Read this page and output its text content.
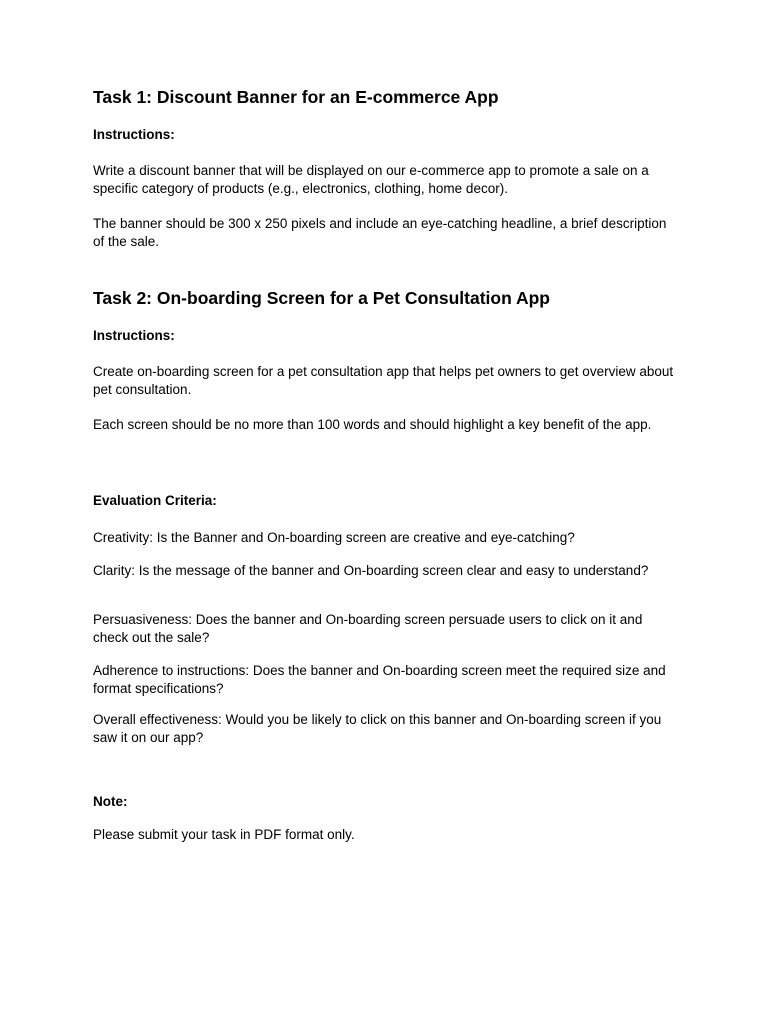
Task 1: Discount Banner for an E-commerce App
Instructions:

Write a discount banner that will be displayed on our e-commerce app to promote a sale on a specific category of products (e.g., electronics, clothing, home decor).

The banner should be 300 x 250 pixels and include an eye-catching headline, a brief description of the sale.

Task 2: On-boarding Screen for a Pet Consultation App
Instructions:

Create on-boarding screen for a pet consultation app that helps pet owners to get overview about pet consultation.

Each screen should be no more than 100 words and should highlight a key benefit of the app.

Evaluation Criteria:

Creativity: Is the Banner and On-boarding screen are creative and eye-catching?

Clarity: Is the message of the banner and On-boarding screen clear and easy to understand?

Persuasiveness: Does the banner and On-boarding screen persuade users to click on it and check out the sale?

Adherence to instructions: Does the banner and On-boarding screen meet the required size and format specifications?

Overall effectiveness: Would you be likely to click on this banner and On-boarding screen if you saw it on our app?

Note:

Please submit your task in PDF format only.
